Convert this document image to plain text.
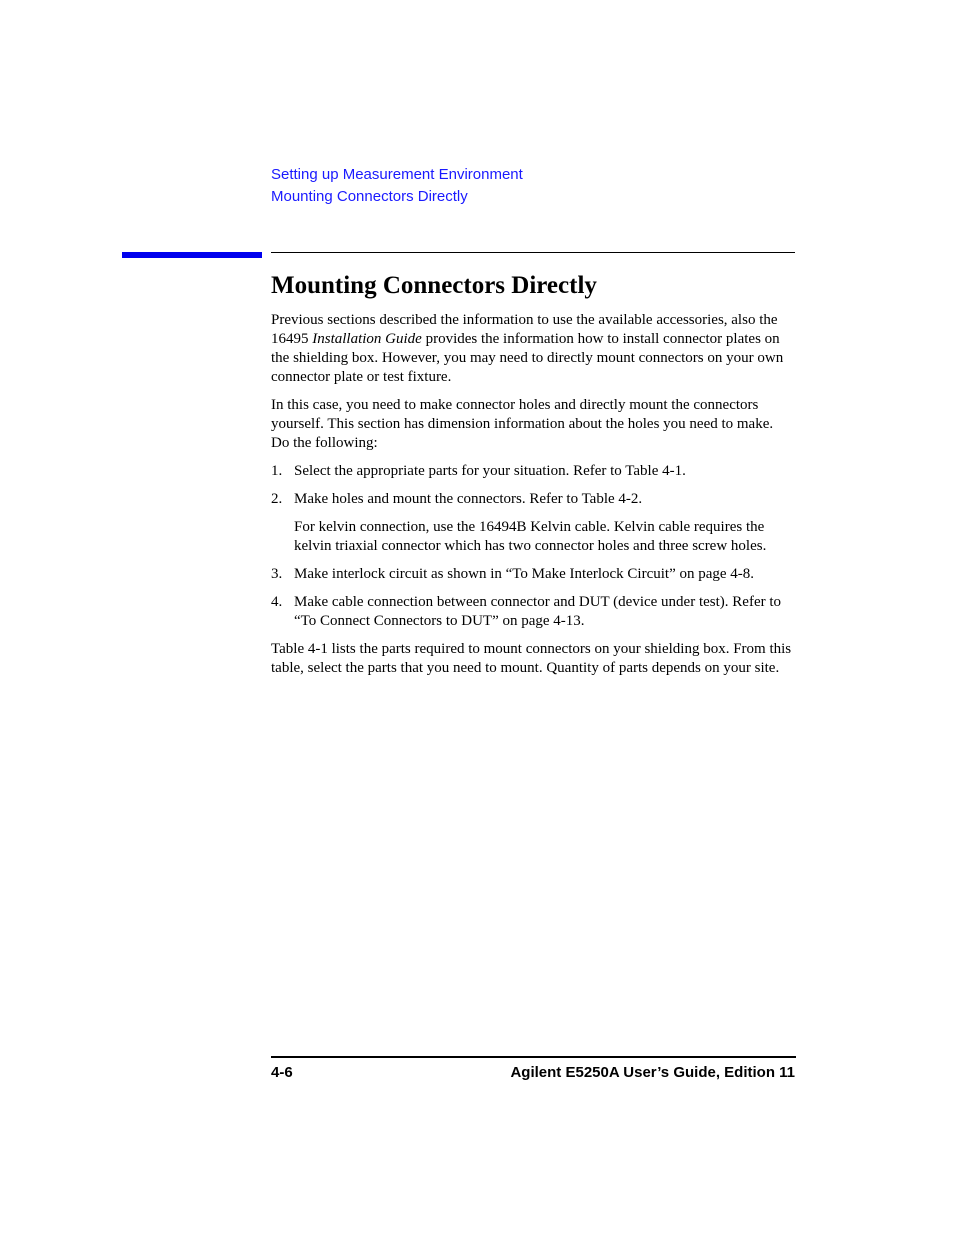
Setting up Measurement Environment
Mounting Connectors Directly
Mounting Connectors Directly

Previous sections described the information to use the available accessories, also the 16495 Installation Guide provides the information how to install connector plates on the shielding box. However, you may need to directly mount connectors on your own connector plate or test fixture.

In this case, you need to make connector holes and directly mount the connectors yourself. This section has dimension information about the holes you need to make. Do the following:

1. Select the appropriate parts for your situation. Refer to Table 4-1.
2. Make holes and mount the connectors. Refer to Table 4-2.

For kelvin connection, use the 16494B Kelvin cable. Kelvin cable requires the kelvin triaxial connector which has two connector holes and three screw holes.

3. Make interlock circuit as shown in “To Make Interlock Circuit” on page 4-8.
4. Make cable connection between connector and DUT (device under test). Refer to “To Connect Connectors to DUT” on page 4-13.

Table 4-1 lists the parts required to mount connectors on your shielding box. From this table, select the parts that you need to mount. Quantity of parts depends on your site.

4-6	Agilent E5250A User’s Guide, Edition 11
